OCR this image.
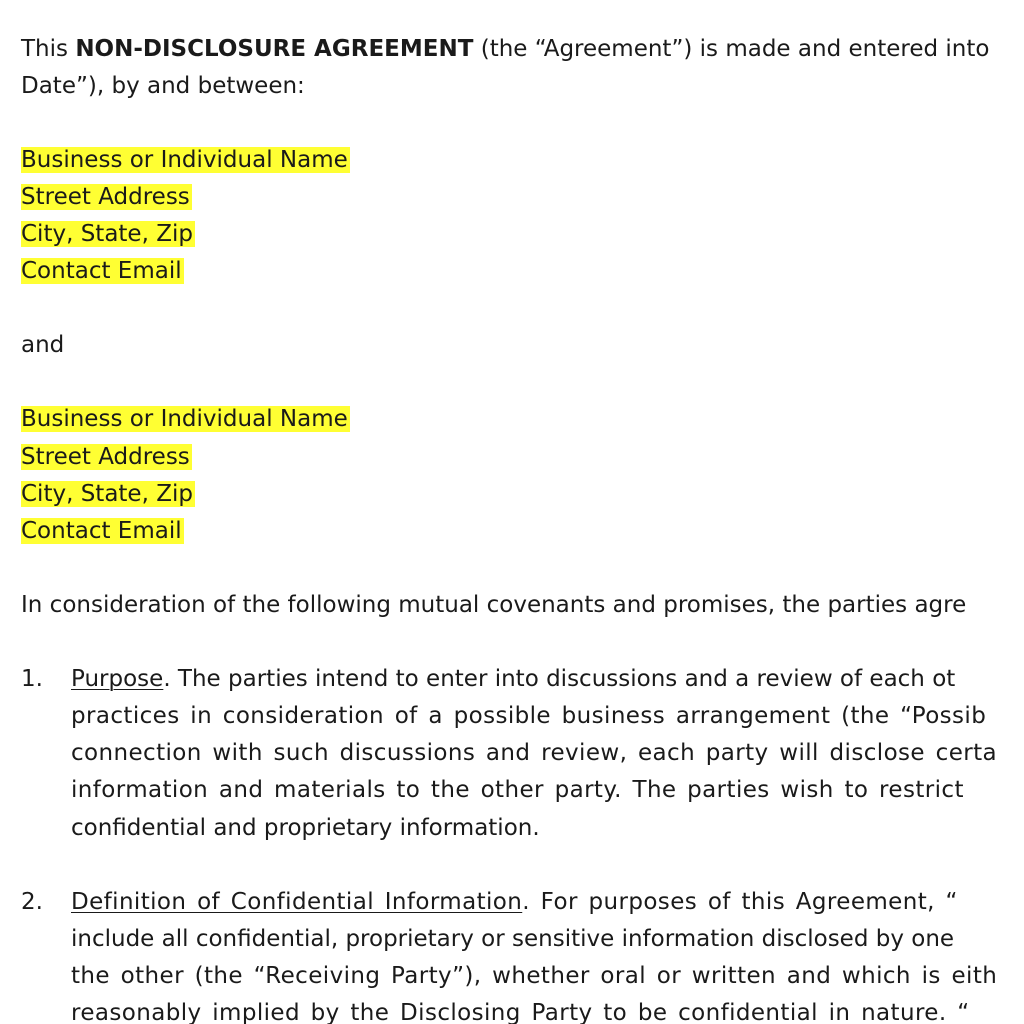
This NON-DISCLOSURE AGREEMENT (the “Agreement”) is made and entered into
Date”), by and between:
Business or Individual Name
Street Address
City, State, Zip
Contact Email
and
Business or Individual Name
Street Address
City, State, Zip
Contact Email
In consideration of the following mutual covenants and promises, the parties agre
1. Purpose. The parties intend to enter into discussions and a review of each ot
practices in consideration of a possible business arrangement (the “Possib
connection with such discussions and review, each party will disclose certa
information and materials to the other party. The parties wish to restrict
confidential and proprietary information.
2. Definition of Confidential Information. For purposes of this Agreement, “
include all confidential, proprietary or sensitive information disclosed by one
the other (the “Receiving Party”), whether oral or written and which is eith
reasonably implied by the Disclosing Party to be confidential in nature. “
